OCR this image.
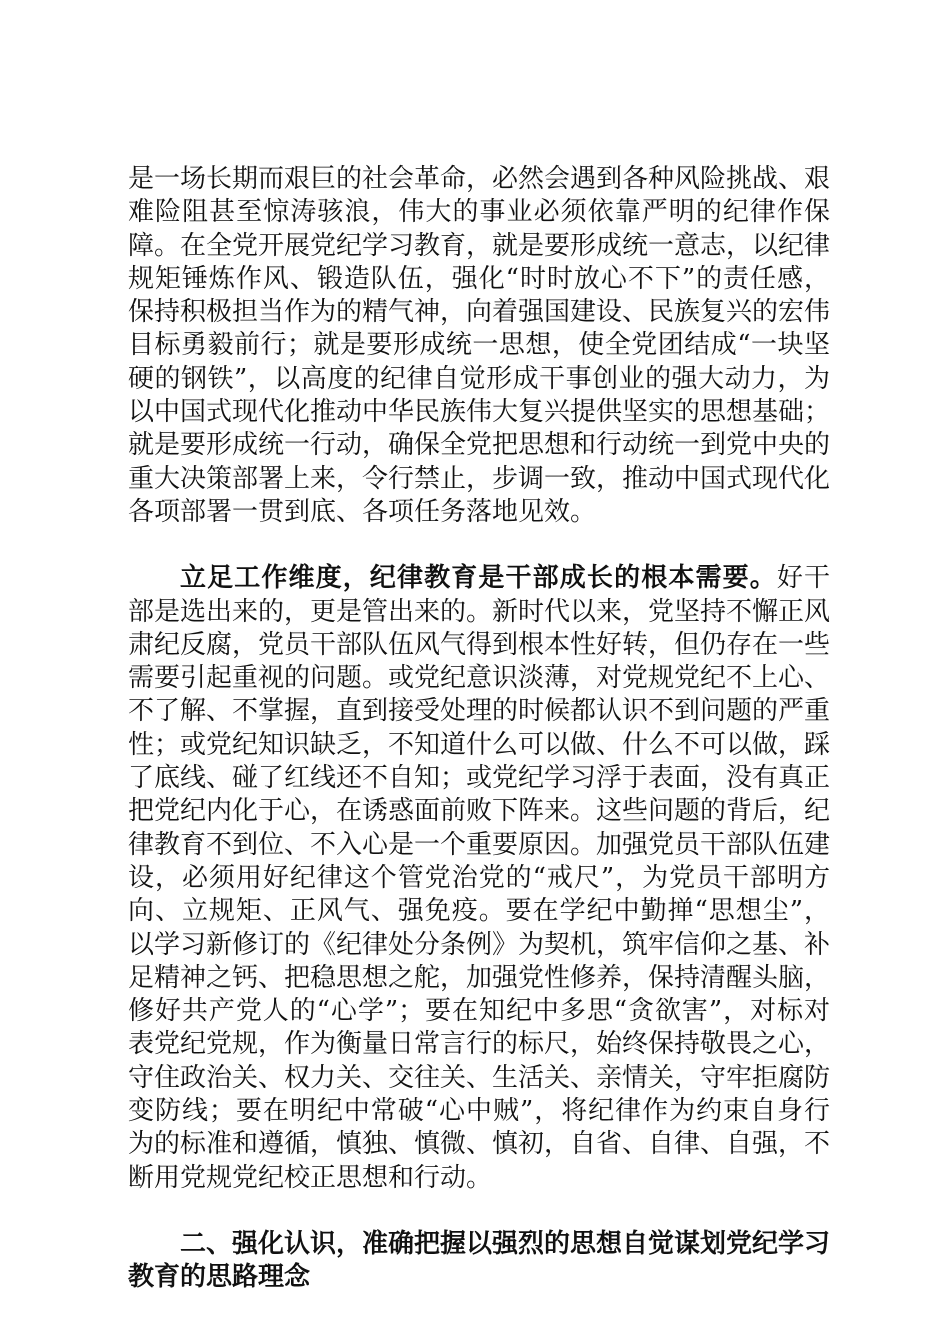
是一场长期而艰巨的社会革命，必然会遇到各种风险挑战、艰难险阻甚至惊涛骇浪，伟大的事业必须依靠严明的纪律作保障。在全党开展党纪学习教育，就是要形成统一意志，以纪律规矩锤炼作风、锻造队伍，强化“时时放心不下”的责任感，保持积极担当作为的精气神，向着强国建设、民族复兴的宏伟目标勇毅前行；就是要形成统一思想，使全党团结成“一块坚硬的钢铁”，以高度的纪律自觉形成干事创业的强大动力，为以中国式现代化推动中华民族伟大复兴提供坚实的思想基础；就是要形成统一行动，确保全党把思想和行动统一到党中央的重大决策部署上来，令行禁止，步调一致，推动中国式现代化各项部署一贯到底、各项任务落地见效。

立足工作维度，纪律教育是干部成长的根本需要。好干部是选出来的，更是管出来的。新时代以来，党坚持不懈正风肃纪反腐，党员干部队伍风气得到根本性好转，但仍存在一些需要引起重视的问题。或党纪意识淡薄，对党规党纪不上心、不了解、不掌握，直到接受处理的时候都认识不到问题的严重性；或党纪知识缺乏，不知道什么可以做、什么不可以做，踩了底线、碰了红线还不自知；或党纪学习浮于表面，没有真正把党纪内化于心，在诱惑面前败下阵来。这些问题的背后，纪律教育不到位、不入心是一个重要原因。加强党员干部队伍建设，必须用好纪律这个管党治党的“戒尺”，为党员干部明方向、立规矩、正风气、强免疫。要在学纪中勤掸“思想尘”，以学习新修订的《纪律处分条例》为契机，筑牢信仰之基、补足精神之钙、把稳思想之舵，加强党性修养，保持清醒头脑，修好共产党人的“心学”；要在知纪中多思“贪欲害”，对标对表党纪党规，作为衡量日常言行的标尺，始终保持敬畏之心，守住政治关、权力关、交往关、生活关、亲情关，守牢拒腐防变防线；要在明纪中常破“心中贼”，将纪律作为约束自身行为的标准和遵循，慎独、慎微、慎初，自省、自律、自强，不断用党规党纪校正思想和行动。

二、强化认识，准确把握以强烈的思想自觉谋划党纪学习教育的思路理念
